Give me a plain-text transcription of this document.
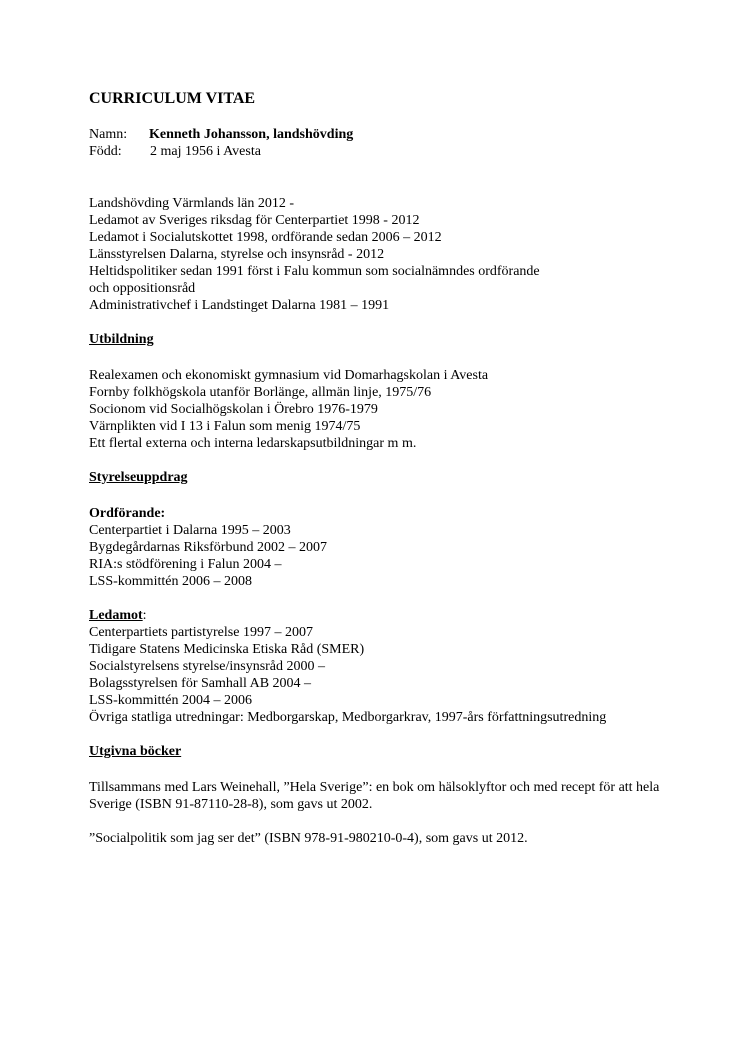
CURRICULUM VITAE
Namn:	Kenneth Johansson, landshövding
Född:	2 maj 1956 i Avesta
Landshövding Värmlands län 2012 -
Ledamot av Sveriges riksdag för Centerpartiet 1998 - 2012
Ledamot i Socialutskottet 1998, ordförande sedan 2006 – 2012
Länsstyrelsen Dalarna, styrelse och insynsråd - 2012
Heltidspolitiker sedan 1991 först i Falu kommun som socialnämndes ordförande
och oppositionsråd
Administrativchef i Landstinget Dalarna 1981 – 1991
Utbildning
Realexamen och ekonomiskt gymnasium vid Domarhagskolan i Avesta
Fornby folkhögskola utanför Borlänge, allmän linje, 1975/76
Socionom vid Socialhögskolan i Örebro 1976-1979
Värnplikten vid I 13 i Falun som menig 1974/75
Ett flertal externa och interna ledarskapsutbildningar m m.
Styrelseuppdrag
Ordförande:
Centerpartiet i Dalarna 1995 – 2003
Bygdegårdarnas Riksförbund 2002 – 2007
RIA:s stödförening i Falun 2004 –
LSS-kommittén 2006 – 2008
Ledamot:
Centerpartiets partistyrelse 1997 – 2007
Tidigare Statens Medicinska Etiska Råd (SMER)
Socialstyrelsens styrelse/insynsråd 2000 –
Bolagsstyrelsen för Samhall AB 2004 –
LSS-kommittén 2004 – 2006
Övriga statliga utredningar: Medborgarskap, Medborgarkrav, 1997-års författningsutredning
Utgivna böcker
Tillsammans med Lars Weinehall, ”Hela Sverige”: en bok om hälsoklyftor och med recept för att hela Sverige (ISBN 91-87110-28-8), som gavs ut 2002.
”Socialpolitik som jag ser det” (ISBN 978-91-980210-0-4), som gavs ut 2012.
